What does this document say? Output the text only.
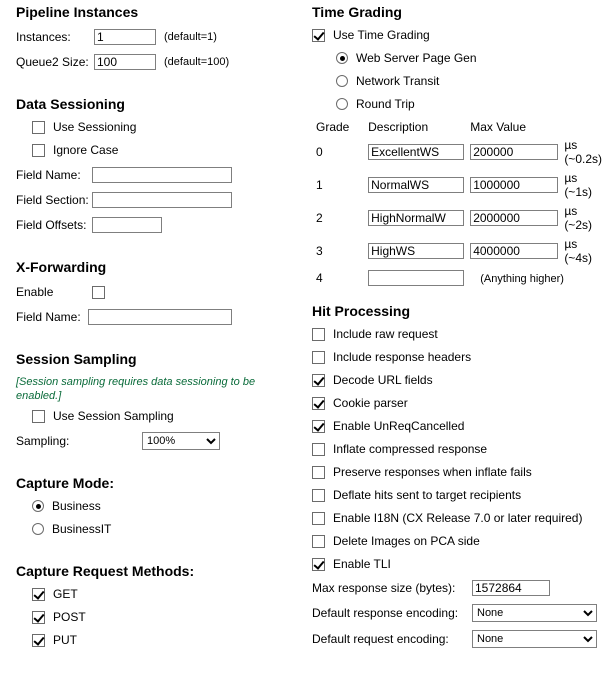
Pipeline Instances
Instances:
1	(default=1)
Queue2 Size:
100	(default=100)
Data Sessioning
Use Sessioning
Ignore Case
Field Name:
Field Section:
Field Offsets:
X-Forwarding
Enable
Field Name:
Session Sampling
[Session sampling requires data sessioning to be enabled.]
Use Session Sampling
Sampling:
100%
Capture Mode:
Business
BusinessIT
Capture Request Methods:
GET
POST
PUT
Time Grading
Use Time Grading
Web Server Page Gen
Network Transit
Round Trip
Grade	Description	Max Value	
0	ExcellentWS	200000	µs (~0.2s)
1	NormalWS	1000000	µs (~1s)
2	HighNormalW	2000000	µs (~2s)
3	HighWS	4000000	µs (~4s)
4		(Anything higher)	
Hit Processing
Include raw request
Include response headers
Decode URL fields
Cookie parser
Enable UnReqCancelled
Inflate compressed response
Preserve responses when inflate fails
Deflate hits sent to target recipients
Enable I18N (CX Release 7.0 or later required)
Delete Images on PCA side
Enable TLI
Max response size (bytes):
1572864
Default response encoding:
None
Default request encoding:
None
